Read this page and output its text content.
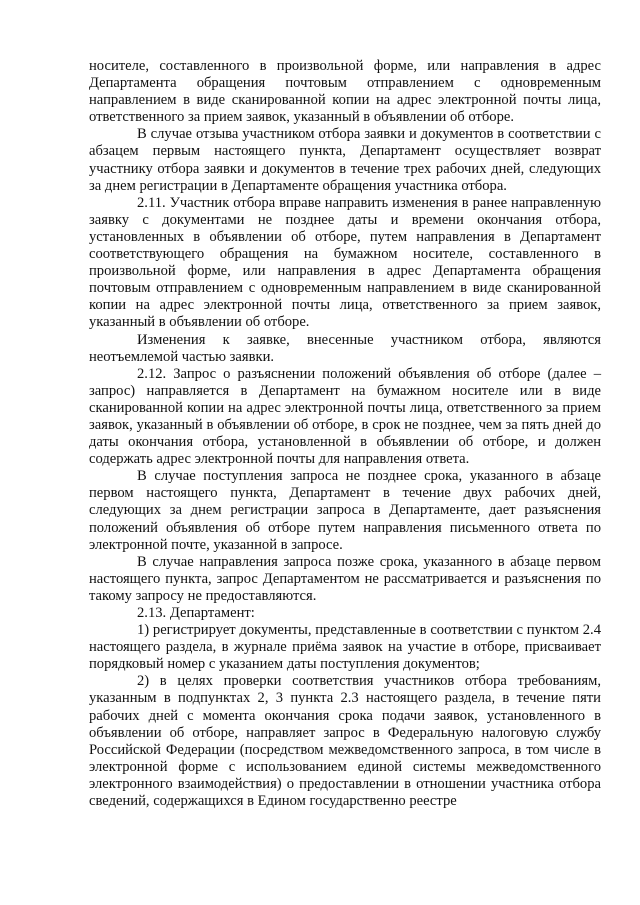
носителе, составленного в произвольной форме, или направления в адрес Департамента обращения почтовым отправлением с одновременным направлением в виде сканированной копии на адрес электронной почты лица, ответственного за прием заявок, указанный в объявлении об отборе.

В случае отзыва участником отбора заявки и документов в соответствии с абзацем первым настоящего пункта, Департамент осуществляет возврат участнику отбора заявки и документов в течение трех рабочих дней, следующих за днем регистрации в Департаменте обращения участника отбора.

2.11. Участник отбора вправе направить изменения в ранее направленную заявку с документами не позднее даты и времени окончания отбора, установленных в объявлении об отборе, путем направления в Департамент соответствующего обращения на бумажном носителе, составленного в произвольной форме, или направления в адрес Департамента обращения почтовым отправлением с одновременным направлением в виде сканированной копии на адрес электронной почты лица, ответственного за прием заявок, указанный в объявлении об отборе.

Изменения к заявке, внесенные участником отбора, являются неотъемлемой частью заявки.

2.12. Запрос о разъяснении положений объявления об отборе (далее – запрос) направляется в Департамент на бумажном носителе или в виде сканированной копии на адрес электронной почты лица, ответственного за прием заявок, указанный в объявлении об отборе, в срок не позднее, чем за пять дней до даты окончания отбора, установленной в объявлении об отборе, и должен содержать адрес электронной почты для направления ответа.

В случае поступления запроса не позднее срока, указанного в абзаце первом настоящего пункта, Департамент в течение двух рабочих дней, следующих за днем регистрации запроса в Департаменте, дает разъяснения положений объявления об отборе путем направления письменного ответа по электронной почте, указанной в запросе.

В случае направления запроса позже срока, указанного в абзаце первом настоящего пункта, запрос Департаментом не рассматривается и разъяснения по такому запросу не предоставляются.

2.13. Департамент:

1) регистрирует документы, представленные в соответствии с пунктом 2.4 настоящего раздела, в журнале приёма заявок на участие в отборе, присваивает порядковый номер с указанием даты поступления документов;

2) в целях проверки соответствия участников отбора требованиям, указанным в подпунктах 2, 3 пункта 2.3 настоящего раздела, в течение пяти рабочих дней с момента окончания срока подачи заявок, установленного в объявлении об отборе, направляет запрос в Федеральную налоговую службу Российской Федерации (посредством межведомственного запроса, в том числе в электронной форме с использованием единой системы межведомственного электронного взаимодействия) о предоставлении в отношении участника отбора сведений, содержащихся в Едином государственно реестре
